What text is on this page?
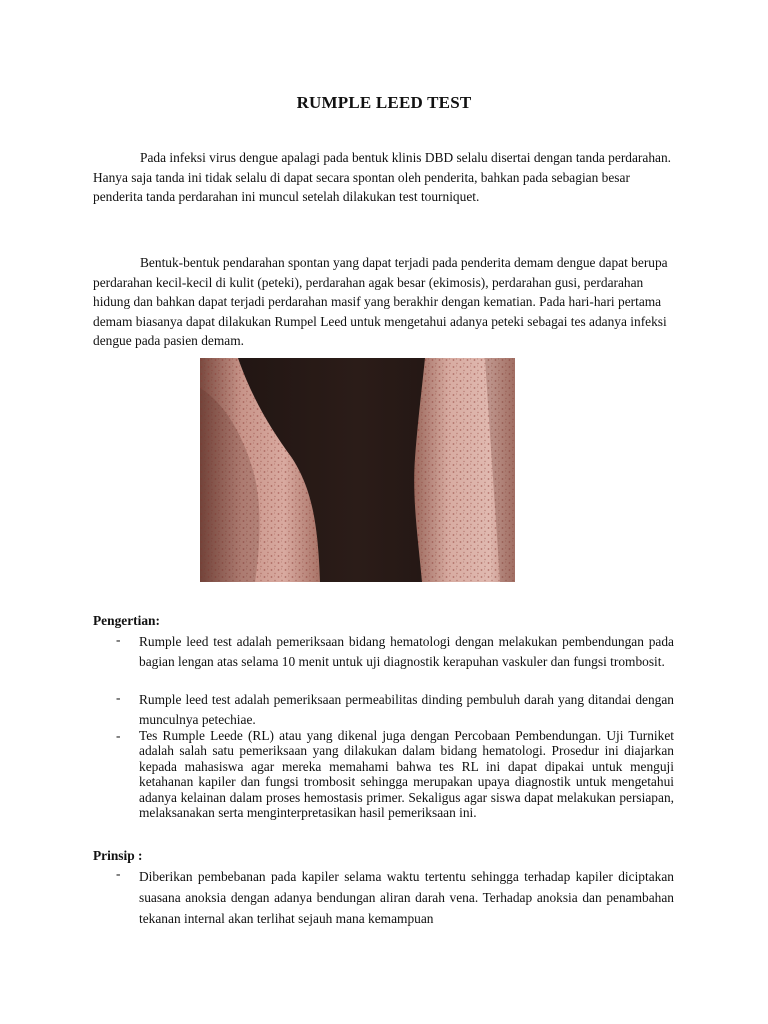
RUMPLE LEED TEST
Pada infeksi virus dengue apalagi pada bentuk klinis DBD selalu disertai dengan tanda perdarahan. Hanya saja tanda ini tidak selalu di dapat secara spontan oleh penderita, bahkan pada sebagian besar penderita tanda perdarahan ini muncul setelah dilakukan test tourniquet.
Bentuk-bentuk pendarahan spontan yang dapat terjadi pada penderita demam dengue dapat berupa perdarahan kecil-kecil di kulit (peteki), perdarahan agak besar (ekimosis), perdarahan gusi, perdarahan hidung dan bahkan dapat terjadi perdarahan masif yang berakhir dengan kematian. Pada hari-hari pertama demam biasanya dapat dilakukan Rumpel Leed untuk mengetahui adanya peteki sebagai tes adanya infeksi dengue pada pasien demam.
Pengertian:
- Rumple leed test adalah pemeriksaan bidang hematologi dengan melakukan pembendungan pada bagian lengan atas selama 10 menit untuk uji diagnostik kerapuhan vaskuler dan fungsi trombosit.
- Rumple leed test adalah pemeriksaan permeabilitas dinding pembuluh darah yang ditandai dengan munculnya petechiae.
- Tes Rumple Leede (RL) atau yang dikenal juga dengan Percobaan Pembendungan. Uji Turniket adalah salah satu pemeriksaan yang dilakukan dalam bidang hematologi. Prosedur ini diajarkan kepada mahasiswa agar mereka memahami bahwa tes RL ini dapat dipakai untuk menguji ketahanan kapiler dan fungsi trombosit sehingga merupakan upaya diagnostik untuk mengetahui adanya kelainan dalam proses hemostasis primer. Sekaligus agar siswa dapat melakukan persiapan, melaksanakan serta menginterpretasikan hasil pemeriksaan ini.
Prinsip :
- Diberikan pembebanan pada kapiler selama waktu tertentu sehingga terhadap kapiler diciptakan suasana anoksia dengan adanya bendungan aliran darah vena. Terhadap anoksia dan penambahan tekanan internal akan terlihat sejauh mana kemampuan
